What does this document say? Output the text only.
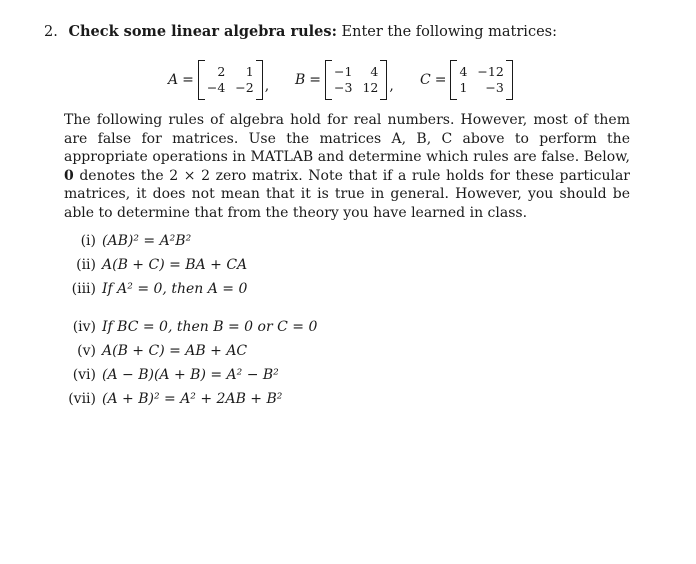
2. Check some linear algebra rules: Enter the following matrices:
A =
2	1
−4 −2 , B =
−1	4
−3 12 , C =
4 −12
1	−3
The following rules of algebra hold for real numbers. However, most of them are false for matrices. Use the matrices A, B, C above to perform the appropriate operations in MATLAB and determine which rules are false. Below, 0 denotes the 2 × 2 zero matrix. Note that if a rule holds for these particular matrices, it does not mean that it is true in general. However, you should be able to determine that from the theory you have learned in class.
(i) (AB)² = A²B²
(ii) A(B + C) = BA + CA
(iii) If A² = 0, then A = 0
(iv) If BC = 0, then B = 0 or C = 0
(v) A(B + C) = AB + AC
(vi) (A − B)(A + B) = A² − B²
(vii) (A + B)² = A² + 2AB + B²
